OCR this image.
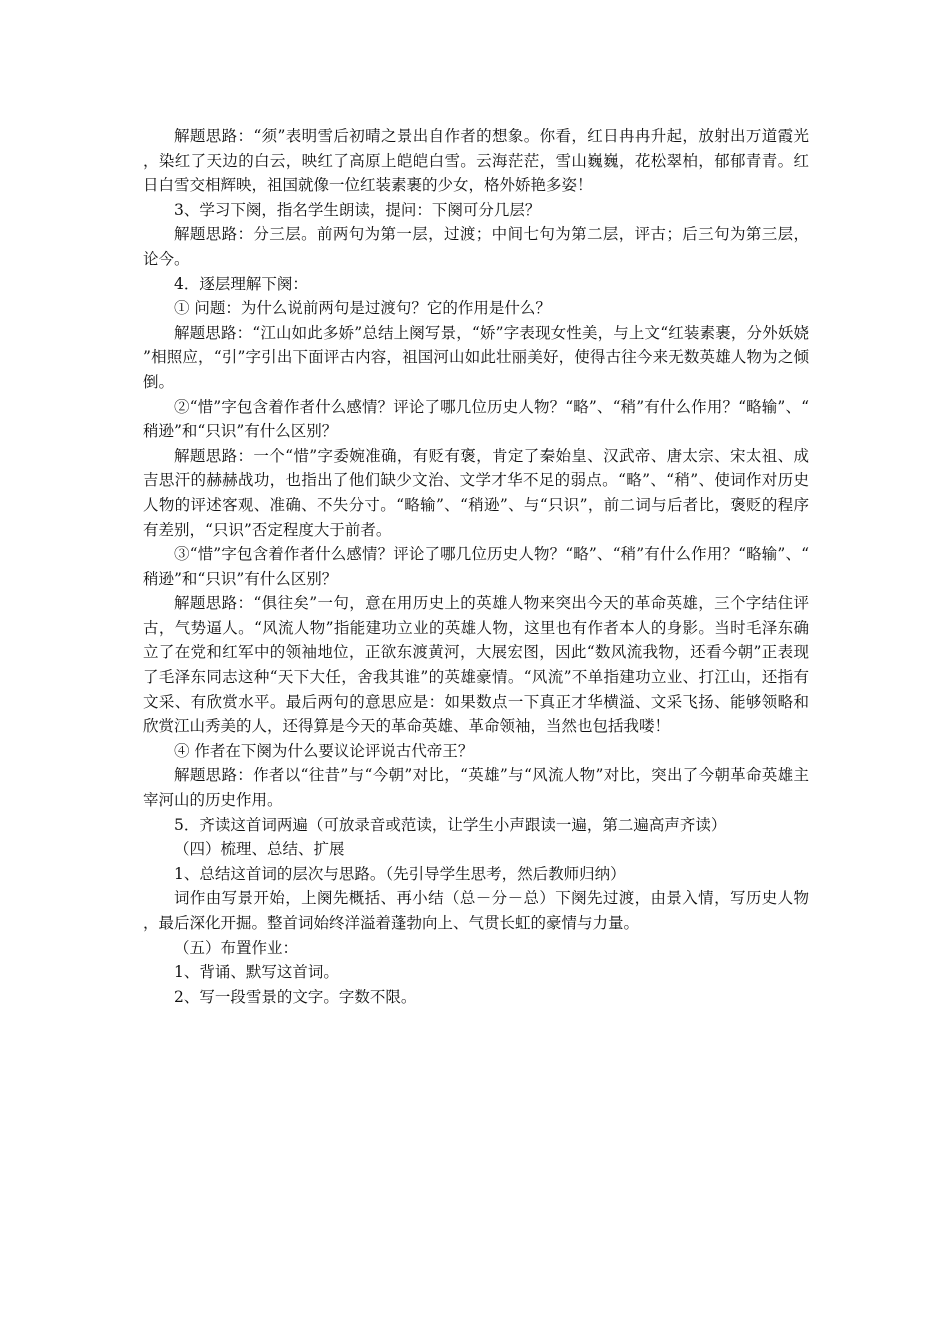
解题思路：“须”表明雪后初晴之景出自作者的想象。你看，红日冉冉升起，放射出万道霞光，染红了天边的白云，映红了高原上皑皑白雪。云海茫茫，雪山巍巍，花松翠柏，郁郁青青。红日白雪交相辉映，祖国就像一位红装素裹的少女，格外娇艳多姿！

3、学习下阕，指名学生朗读，提问：下阕可分几层？

解题思路：分三层。前两句为第一层，过渡；中间七句为第二层，评古；后三句为第三层，论今。

4．逐层理解下阕：

① 问题：为什么说前两句是过渡句？它的作用是什么？

解题思路：“江山如此多娇”总结上阕写景，“娇”字表现女性美，与上文“红装素裹，分外妖娆”相照应，“引”字引出下面评古内容，祖国河山如此壮丽美好，使得古往今来无数英雄人物为之倾倒。

②“惜”字包含着作者什么感情？评论了哪几位历史人物？“略”、“稍”有什么作用？“略输”、“稍逊”和“只识”有什么区别？

解题思路：一个“惜”字委婉准确，有贬有褒，肯定了秦始皇、汉武帝、唐太宗、宋太祖、成吉思汗的赫赫战功，也指出了他们缺少文治、文学才华不足的弱点。“略”、“稍”、使词作对历史人物的评述客观、准确、不失分寸。“略输”、“稍逊”、与“只识”，前二词与后者比，褒贬的程序有差别，“只识”否定程度大于前者。

③“惜”字包含着作者什么感情？评论了哪几位历史人物？“略”、“稍”有什么作用？“略输”、“稍逊”和“只识”有什么区别？

解题思路：“俱往矣”一句，意在用历史上的英雄人物来突出今天的革命英雄，三个字结住评古，气势逼人。“风流人物”指能建功立业的英雄人物，这里也有作者本人的身影。当时毛泽东确立了在党和红军中的领袖地位，正欲东渡黄河，大展宏图，因此“数风流我物，还看今朝”正表现了毛泽东同志这种“天下大任，舍我其谁”的英雄豪情。“风流”不单指建功立业、打江山，还指有文采、有欣赏水平。最后两句的意思应是：如果数点一下真正才华横溢、文采飞扬、能够领略和欣赏江山秀美的人，还得算是今天的革命英雄、革命领袖，当然也包括我喽！

④ 作者在下阕为什么要议论评说古代帝王？

解题思路：作者以“往昔”与“今朝”对比，“英雄”与“风流人物”对比，突出了今朝革命英雄主宰河山的历史作用。

5．齐读这首词两遍（可放录音或范读，让学生小声跟读一遍，第二遍高声齐读）

（四）梳理、总结、扩展

1、总结这首词的层次与思路。（先引导学生思考，然后教师归纳）

词作由写景开始，上阕先概括、再小结（总－分－总）下阕先过渡，由景入情，写历史人物，最后深化开掘。整首词始终洋溢着蓬勃向上、气贯长虹的豪情与力量。

（五）布置作业：

1、背诵、默写这首词。

2、写一段雪景的文字。字数不限。
